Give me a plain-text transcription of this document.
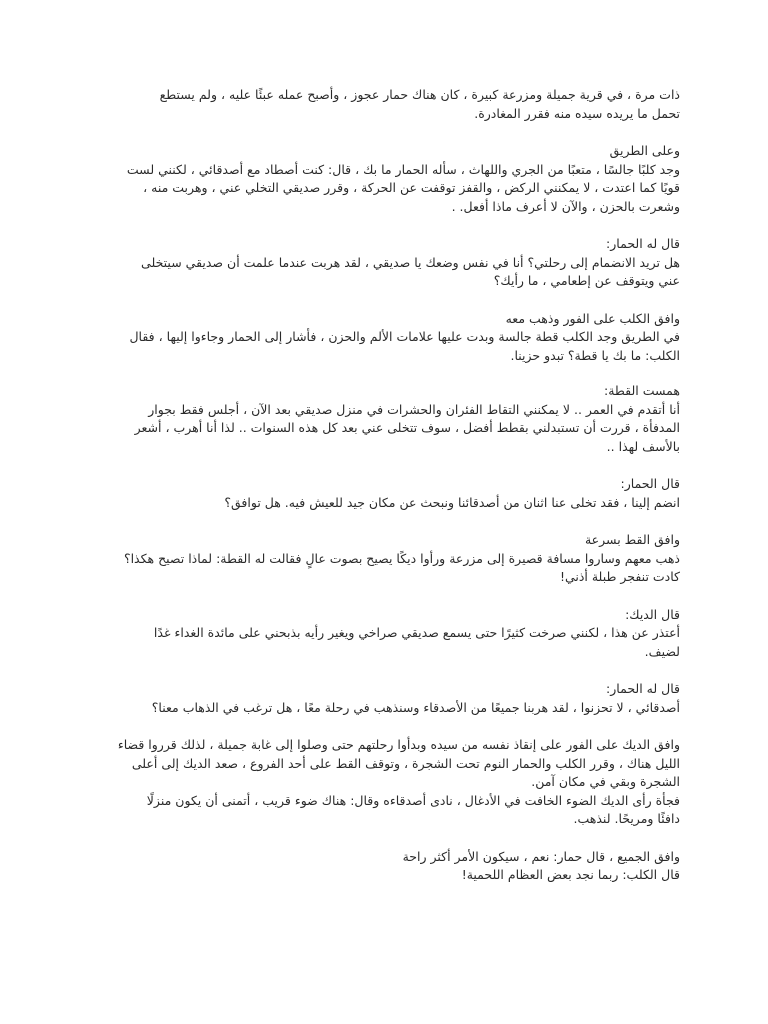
ذات مرة ، في قرية جميلة ومزرعة كبيرة ، كان هناك حمار عجوز ، وأصبح عمله عبئًا عليه ، ولم يستطع

تحمل ما يريده سيده منه فقرر المغادرة.

وعلى الطريق

وجد كلبًا جالسًا ، متعبًا من الجري واللهاث ، سأله الحمار ما بك ، قال: كنت أصطاد مع أصدقائي ، لكنني لست

قويًا كما اعتدت ، لا يمكنني الركض ، والقفز توقفت عن الحركة ، وقرر صديقي التخلي عني ، وهربت منه ،

وشعرت بالحزن ، والآن لا أعرف ماذا أفعل. .

قال له الحمار:

هل تريد الانضمام إلى رحلتي؟ أنا في نفس وضعك يا صديقي ، لقد هربت عندما علمت أن صديقي سيتخلى

عني ويتوقف عن إطعامي ، ما رأيك؟

وافق الكلب على الفور وذهب معه

في الطريق وجد الكلب قطة جالسة وبدت عليها علامات الألم والحزن ، فأشار إلى الحمار وجاءوا إليها ، فقال

الكلب: ما بك يا قطة؟ تبدو حزينا.

همست القطة:

أنا أتقدم في العمر .. لا يمكنني التقاط الفئران والحشرات في منزل صديقي بعد الآن ، أجلس فقط بجوار

المدفأة ، قررت أن تستبدلني بقطط أفضل ، سوف تتخلى عني بعد كل هذه السنوات .. لذا أنا أهرب ، أشعر

بالأسف لهذا ..

قال الحمار:

انضم إلينا ، فقد تخلى عنا اثنان من أصدقائنا ونبحث عن مكان جيد للعيش فيه. هل توافق؟

وافق القط بسرعة

ذهب معهم وساروا مسافة قصيرة إلى مزرعة ورأوا ديكًا يصيح بصوت عالٍ فقالت له القطة: لماذا تصيح هكذا؟

كادت تنفجر طبلة أذني!

قال الديك:

أعتذر عن هذا ، لكنني صرخت كثيرًا حتى يسمع صديقي صراخي ويغير رأيه بذبحني على مائدة الغداء غدًا

لضيف.

قال له الحمار:

أصدقائي ، لا تحزنوا ، لقد هربنا جميعًا من الأصدقاء وسنذهب في رحلة معًا ، هل ترغب في الذهاب معنا؟

وافق الديك على الفور على إنقاذ نفسه من سيده وبدأوا رحلتهم حتى وصلوا إلى غابة جميلة ، لذلك قرروا قضاء

الليل هناك ، وقرر الكلب والحمار النوم تحت الشجرة ، وتوقف القط على أحد الفروع ، صعد الديك إلى أعلى

الشجرة وبقي في مكان آمن.

فجأة رأى الديك الضوء الخافت في الأدغال ، نادى أصدقاءه وقال: هناك ضوء قريب ، أتمنى أن يكون منزلًا

دافئًا ومريحًا. لنذهب.

وافق الجميع ، قال حمار: نعم ، سيكون الأمر أكثر راحة

قال الكلب: ربما نجد بعض العظام اللحمية!
